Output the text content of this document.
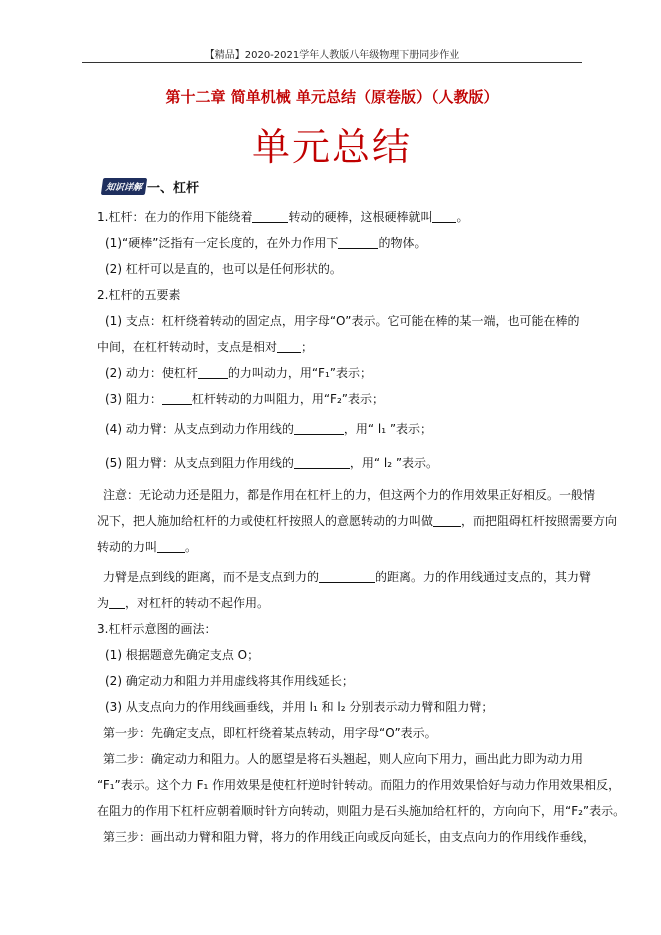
【精品】2020-2021学年人教版八年级物理下册同步作业
第十二章 简单机械 单元总结（原卷版）（人教版）
单元总结
知识详解 一、杠杆

1.杠杆：在力的作用下能绕着	转动的硬棒，这根硬棒就叫 。

(1)“硬棒”泛指有一定长度的，在外力作用下	的物体。

(2) 杠杆可以是直的，也可以是任何形状的。

2.杠杆的五要素

(1) 支点：杠杆绕着转动的固定点，用字母“O”表示。它可能在棒的某一端，也可能在棒的

中间，在杠杆转动时，支点是相对 ；

(2) 动力：使杠杆	的力叫动力，用“F₁”表示；

(3) 阻力：	杠杆转动的力叫阻力，用“F₂”表示；

(4) 动力臂：从支点到动力作用线的	，用“ l₁ ”表示；

(5) 阻力臂：从支点到阻力作用线的	，用“ l₂ ”表示。

注意：无论动力还是阻力，都是作用在杠杆上的力，但这两个力的作用效果正好相反。一般情

况下，把人施加给杠杆的力或使杠杆按照人的意愿转动的力叫做 ，而把阻碍杠杆按照需要方向

转动的力叫 。

力臂是点到线的距离，而不是支点到力的	的距离。力的作用线通过支点的，其力臂

为 ，对杠杆的转动不起作用。

3.杠杆示意图的画法：

(1) 根据题意先确定支点 O；

(2) 确定动力和阻力并用虚线将其作用线延长；

(3) 从支点向力的作用线画垂线，并用 l₁ 和 l₂ 分别表示动力臂和阻力臂；

第一步：先确定支点，即杠杆绕着某点转动，用字母“O”表示。

第二步：确定动力和阻力。人的愿望是将石头翘起，则人应向下用力，画出此力即为动力用

“F₁”表示。这个力 F₁ 作用效果是使杠杆逆时针转动。而阻力的作用效果恰好与动力作用效果相反，

在阻力的作用下杠杆应朝着顺时针方向转动，则阻力是石头施加给杠杆的，方向向下，用“F₂”表示。

第三步：画出动力臂和阻力臂，将力的作用线正向或反向延长，由支点向力的作用线作垂线，
